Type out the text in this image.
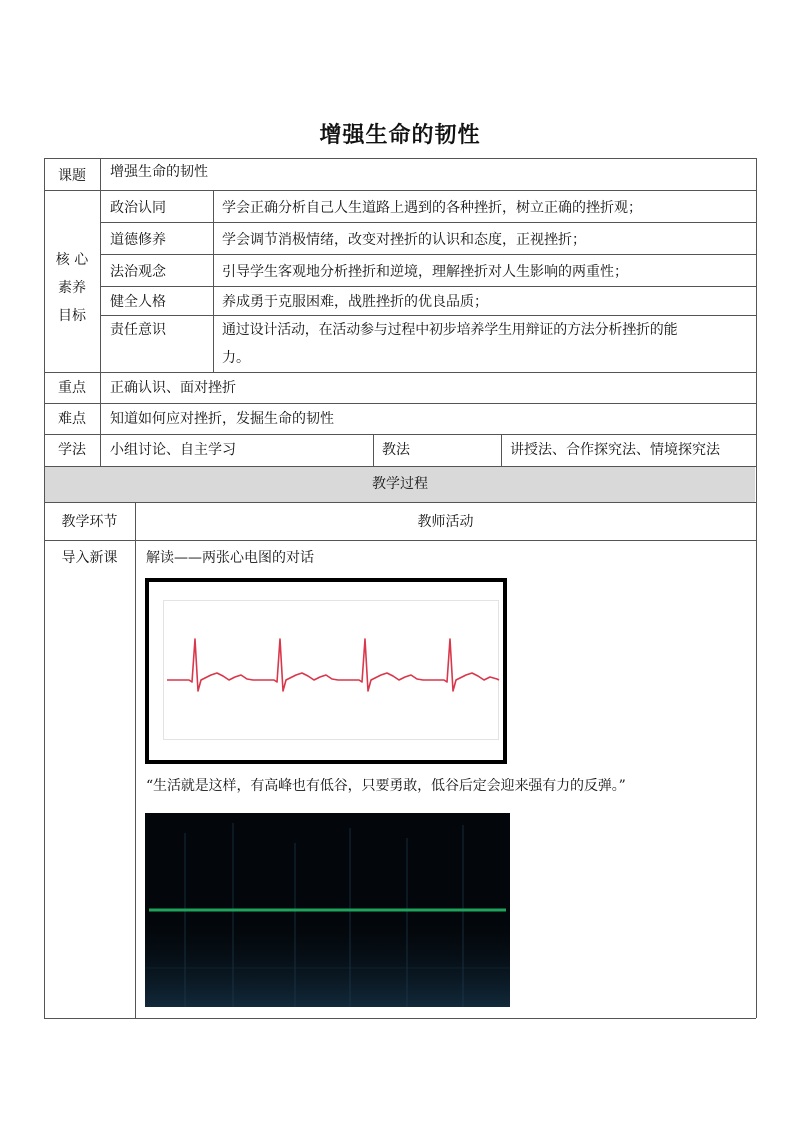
增强生命的韧性
课题	增强生命的韧性
核 心
素养
目标
政治认同	学会正确分析自己人生道路上遇到的各种挫折，树立正确的挫折观；
道德修养	学会调节消极情绪，改变对挫折的认识和态度，正视挫折；
法治观念	引导学生客观地分析挫折和逆境，理解挫折对人生影响的两重性；
健全人格	养成勇于克服困难，战胜挫折的优良品质；
责任意识	通过设计活动，在活动参与过程中初步培养学生用辩证的方法分析挫折的能
力。
重点	正确认识、面对挫折
难点	知道如何应对挫折，发掘生命的韧性
学法	小组讨论、自主学习	教法	讲授法、合作探究法、情境探究法
教学过程
教学环节	教师活动
导入新课	解读——两张心电图的对话
“生活就是这样，有高峰也有低谷，只要勇敢，低谷后定会迎来强有力的反弹。”
